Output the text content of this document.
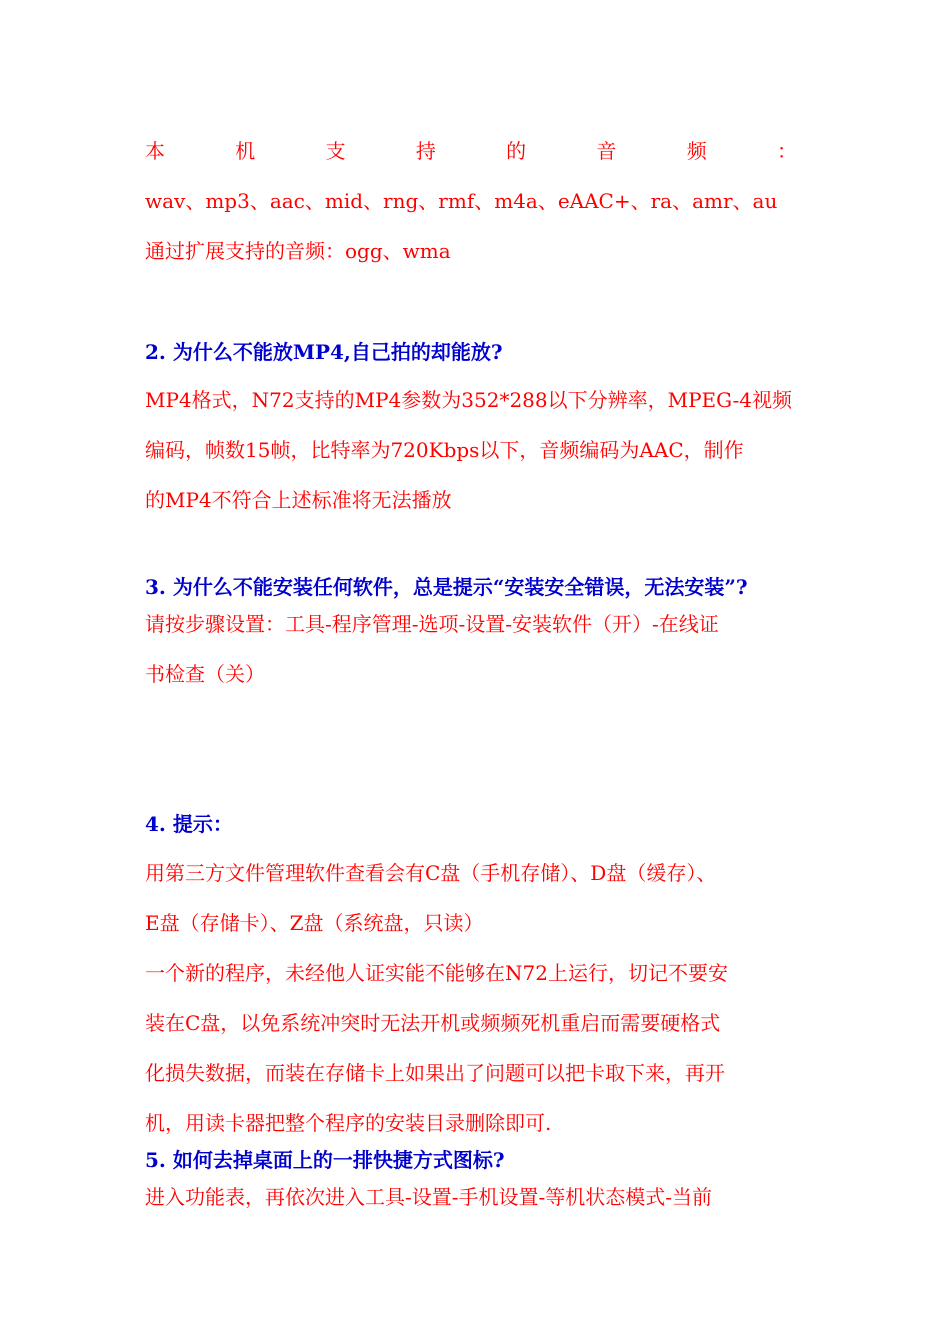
本	机	支	持	的	音	频	：
wav、mp3、aac、mid、rng、rmf、m4a、eAAC+、ra、amr、au
通过扩展支持的音频：ogg、wma
2. 为什么不能放MP4,自己拍的却能放?
MP4格式，N72支持的MP4参数为352*288以下分辨率，MPEG-4视频
编码，帧数15帧，比特率为720Kbps以下，音频编码为AAC，制作
的MP4不符合上述标准将无法播放
3. 为什么不能安装任何软件，总是提示“安装安全错误，无法安装”?
请按步骤设置：工具-程序管理-选项-设置-安装软件（开）-在线证
书检查（关）
4. 提示：
用第三方文件管理软件查看会有C盘（手机存储）、D盘（缓存）、
E盘（存储卡）、Z盘（系统盘，只读）
一个新的程序，未经他人证实能不能够在N72上运行，切记不要安
装在C盘，以免系统冲突时无法开机或频频死机重启而需要硬格式
化损失数据，而装在存储卡上如果出了问题可以把卡取下来，再开
机，用读卡器把整个程序的安装目录删除即可.
5. 如何去掉桌面上的一排快捷方式图标?
进入功能表，再依次进入工具-设置-手机设置-等机状态模式-当前
